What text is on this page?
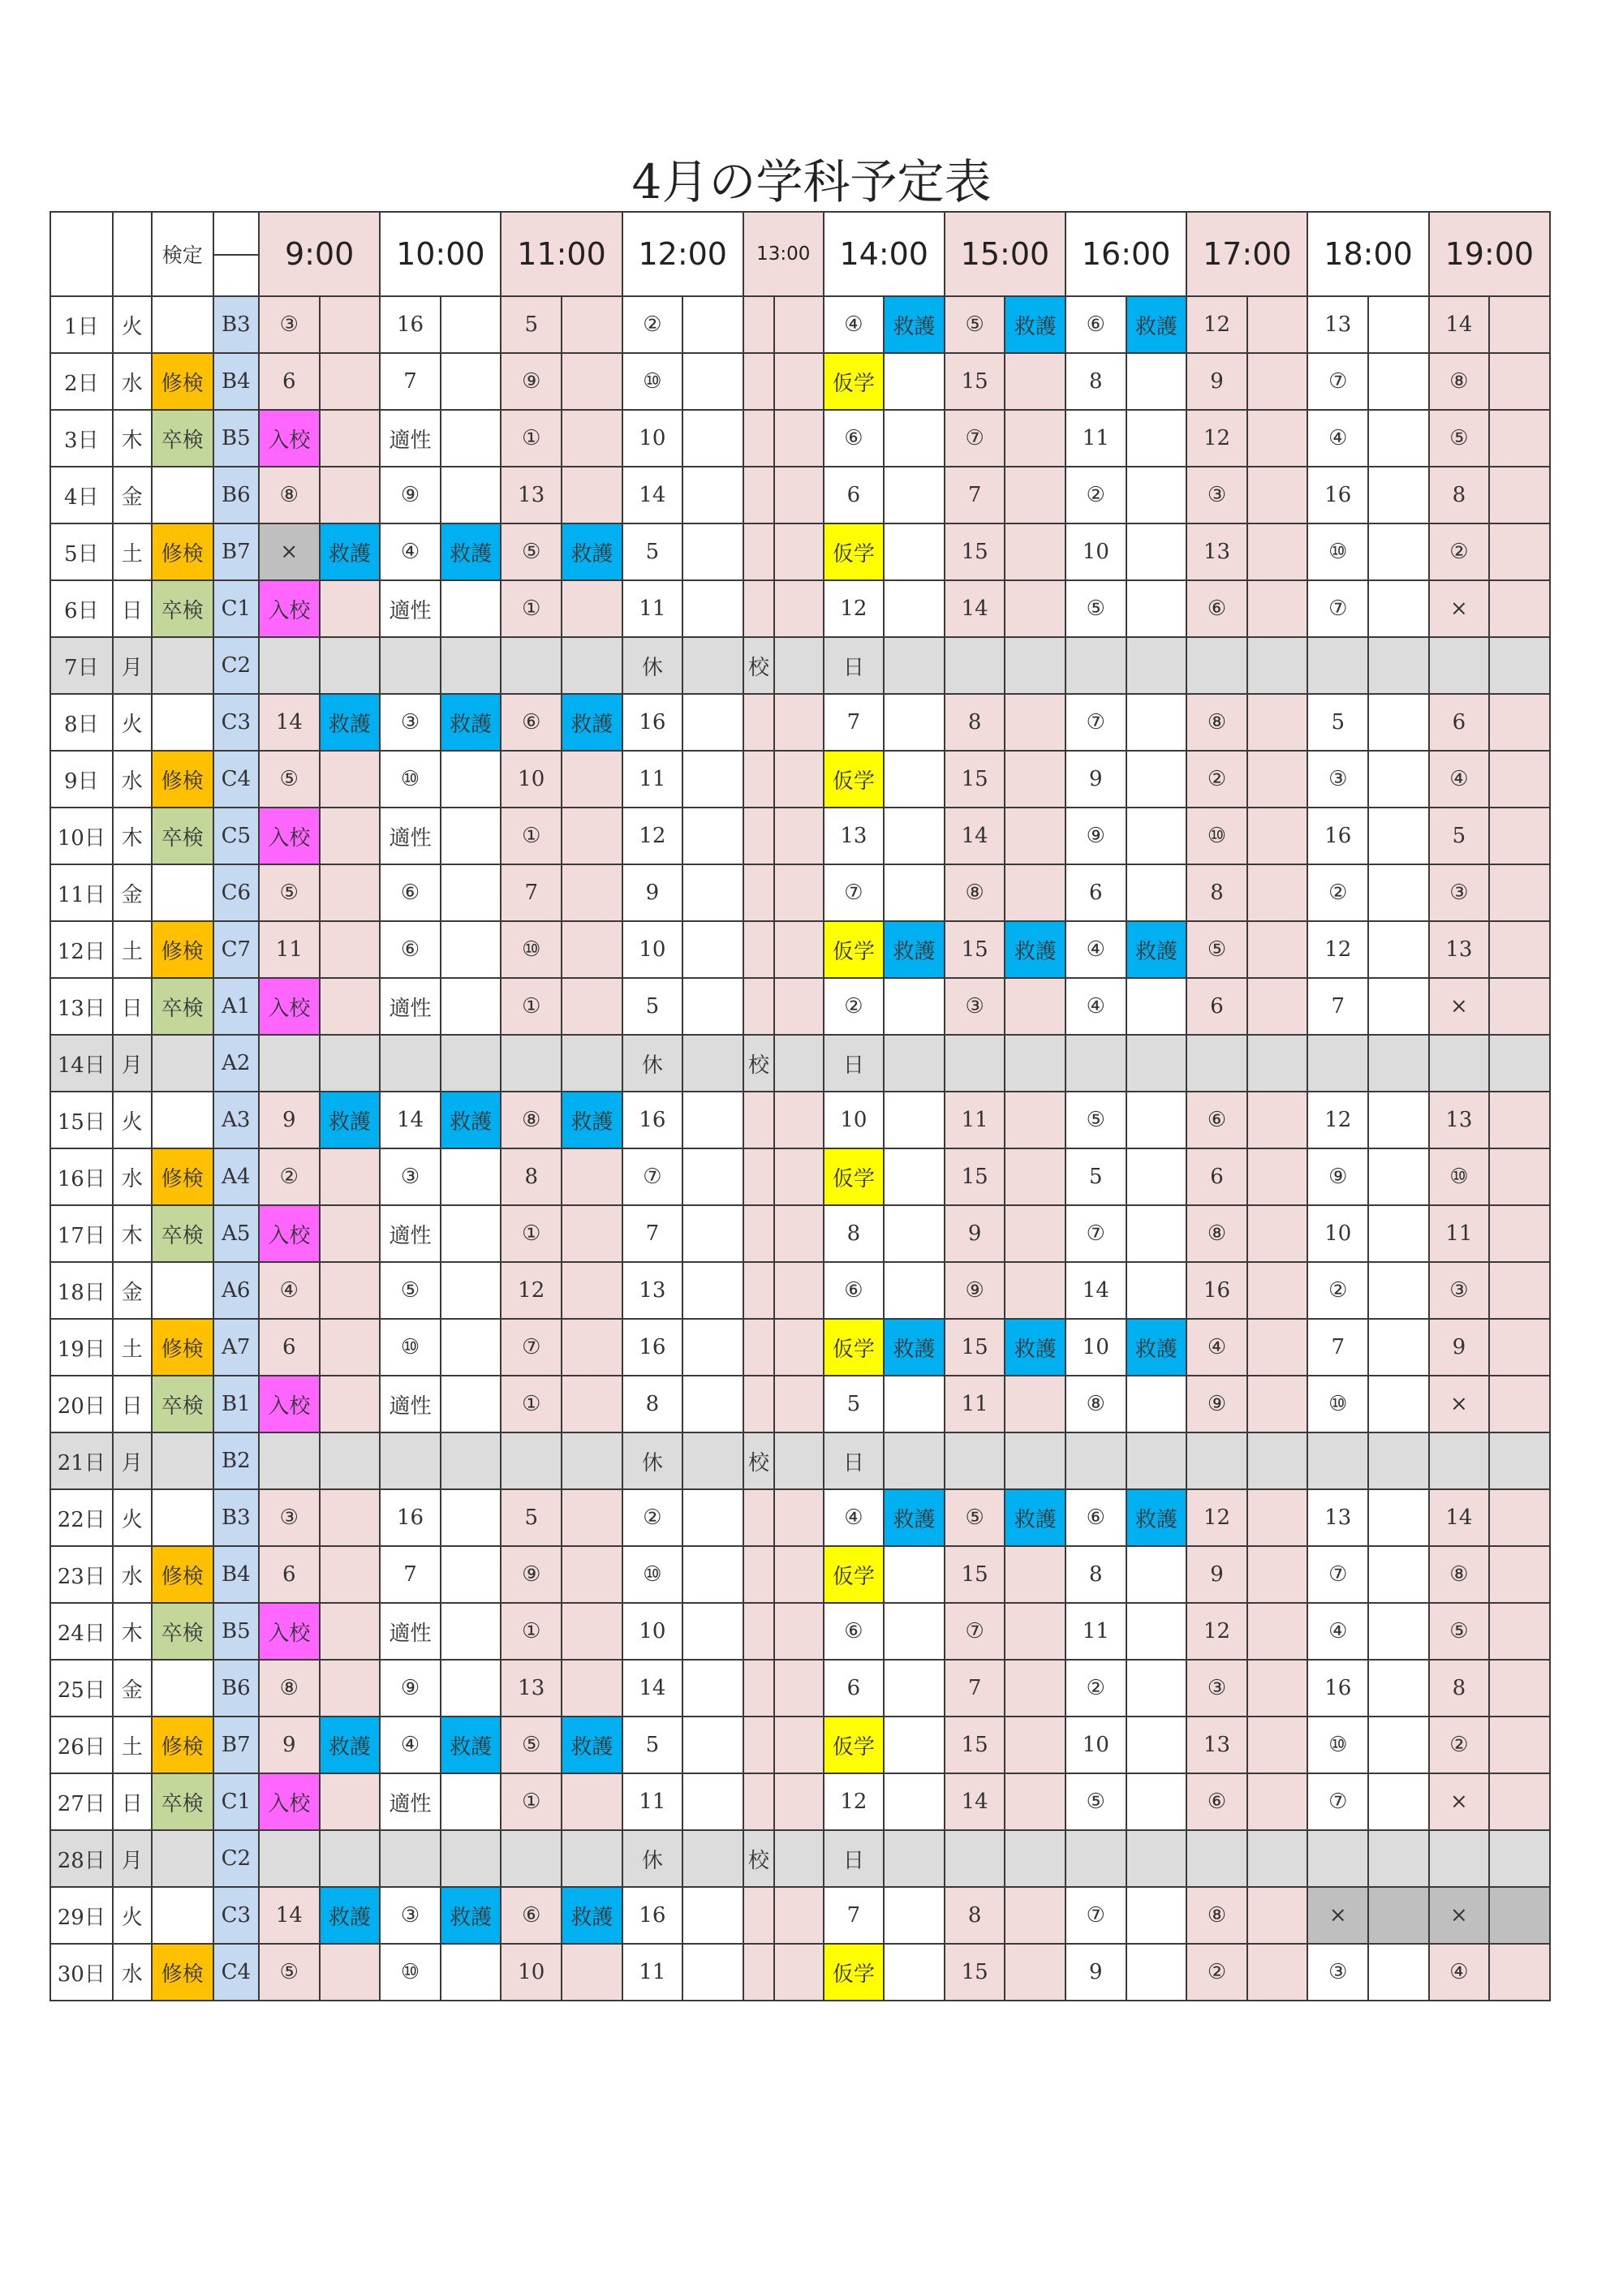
4月の学科予定表
		検定		9:00		10:00		11:00		12:00		13:00		14:00		15:00		16:00		17:00		18:00		19:00	
1日	火		B3	③		16		5		②				④	救護	⑤	救護	⑥	救護	12		13		14	
2日	水	修検	B4	6		7		⑨		⑩				仮学		15		8		9		⑦		⑧	
3日	木	卒検	B5	入校		適性		①		10				⑥		⑦		11		12		④		⑤	
4日	金		B6	⑧		⑨		13		14				6		7		②		③		16		8	
5日	土	修検	B7	×	救護	④	救護	⑤	救護	5				仮学		15		10		13		⑩		②	
6日	日	卒検	C1	入校		適性		①		11				12		14		⑤		⑥		⑦		×	
7日	月		C2							休		校		日											
8日	火		C3	14	救護	③	救護	⑥	救護	16				7		8		⑦		⑧		5		6	
9日	水	修検	C4	⑤		⑩		10		11				仮学		15		9		②		③		④	
10日	木	卒検	C5	入校		適性		①		12				13		14		⑨		⑩		16		5	
11日	金		C6	⑤		⑥		7		9				⑦		⑧		6		8		②		③	
12日	土	修検	C7	11		⑥		⑩		10				仮学	救護	15	救護	④	救護	⑤		12		13	
13日	日	卒検	A1	入校		適性		①		5				②		③		④		6		7		×	
14日	月		A2							休		校		日											
15日	火		A3	9	救護	14	救護	⑧	救護	16				10		11		⑤		⑥		12		13	
16日	水	修検	A4	②		③		8		⑦				仮学		15		5		6		⑨		⑩	
17日	木	卒検	A5	入校		適性		①		7				8		9		⑦		⑧		10		11	
18日	金		A6	④		⑤		12		13				⑥		⑨		14		16		②		③	
19日	土	修検	A7	6		⑩		⑦		16				仮学	救護	15	救護	10	救護	④		7		9	
20日	日	卒検	B1	入校		適性		①		8				5		11		⑧		⑨		⑩		×	
21日	月		B2							休		校		日											
22日	火		B3	③		16		5		②				④	救護	⑤	救護	⑥	救護	12		13		14	
23日	水	修検	B4	6		7		⑨		⑩				仮学		15		8		9		⑦		⑧	
24日	木	卒検	B5	入校		適性		①		10				⑥		⑦		11		12		④		⑤	
25日	金		B6	⑧		⑨		13		14				6		7		②		③		16		8	
26日	土	修検	B7	9	救護	④	救護	⑤	救護	5				仮学		15		10		13		⑩		②	
27日	日	卒検	C1	入校		適性		①		11				12		14		⑤		⑥		⑦		×	
28日	月		C2							休		校		日											
29日	火		C3	14	救護	③	救護	⑥	救護	16				7		8		⑦		⑧		×		×	
30日	水	修検	C4	⑤		⑩		10		11				仮学		15		9		②		③		④	
